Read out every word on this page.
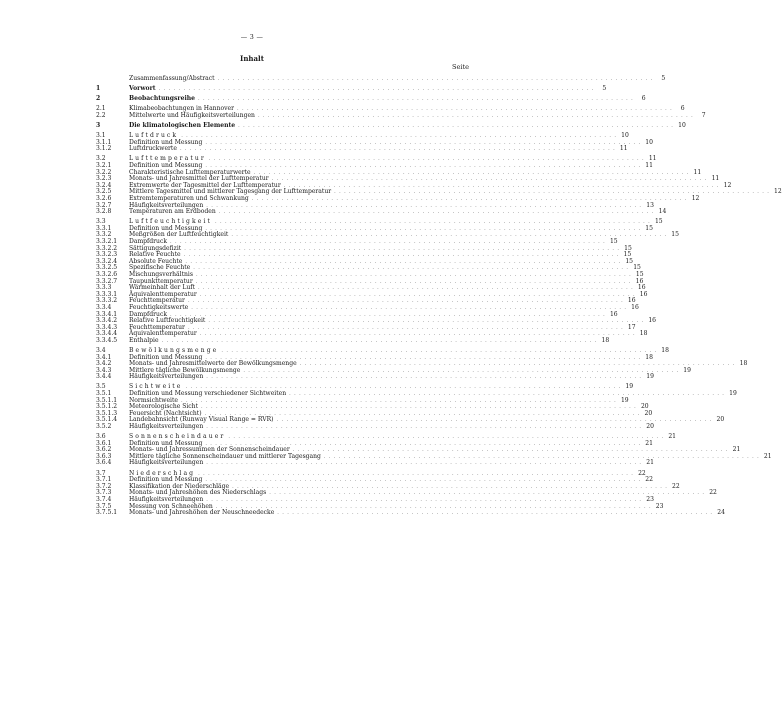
— 3 —
Inhalt
Seite
Zusammenfassung/Abstract . . . . . . . . . . . . . . . . . . . . . . . . . . . . . . . . . . . . . . . . . . . . . . . . . . . . . . . . . . . . . . . . . . . . . . . . . . . . . . . . . . . . . . . .	5
1	Vorwort . . . . . . . . . . . . . . . . . . . . . . . . . . . . . . . . . . . . . . . . . . . . . . . . . . . . . . . . . . . . . . . . . . . . . . . . . . . . . . . . . . . . . . . .	5
2	Beobachtungsreihe . . . . . . . . . . . . . . . . . . . . . . . . . . . . . . . . . . . . . . . . . . . . . . . . . . . . . . . . . . . . . . . . . . . . . . . . . . . . . . . . . . . . . . . .	6
2.1	Klimabeobachtungen in Hannover . . . . . . . . . . . . . . . . . . . . . . . . . . . . . . . . . . . . . . . . . . . . . . . . . . . . . . . . . . . . . . . . . . . . . . . . . . . . . . . . . . . . . . . .	6
2.2	Mittelwerte und Häufigkeitsverteilungen . . . . . . . . . . . . . . . . . . . . . . . . . . . . . . . . . . . . . . . . . . . . . . . . . . . . . . . . . . . . . . . . . . . . . . . . . . . . . . . . . . . . . . . .	7
3	Die klimatologischen Elemente . . . . . . . . . . . . . . . . . . . . . . . . . . . . . . . . . . . . . . . . . . . . . . . . . . . . . . . . . . . . . . . . . . . . . . . . . . . . . . . . . . . . . . . . 10
3.1	Luftdruck . . . . . . . . . . . . . . . . . . . . . . . . . . . . . . . . . . . . . . . . . . . . . . . . . . . . . . . . . . . . . . . . . . . . . . . . . . . . . . . . . . . . . . . . 10
3.1.1	Definition und Messung . . . . . . . . . . . . . . . . . . . . . . . . . . . . . . . . . . . . . . . . . . . . . . . . . . . . . . . . . . . . . . . . . . . . . . . . . . . . . . . . . . . . . . . . 10
3.1.2	Luftdruckwerte . . . . . . . . . . . . . . . . . . . . . . . . . . . . . . . . . . . . . . . . . . . . . . . . . . . . . . . . . . . . . . . . . . . . . . . . . . . . . . . . . . . . . . . . 11
3.2	Lufttemperatur . . . . . . . . . . . . . . . . . . . . . . . . . . . . . . . . . . . . . . . . . . . . . . . . . . . . . . . . . . . . . . . . . . . . . . . . . . . . . . . . . . . . . . . . 11
3.2.1	Definition und Messung . . . . . . . . . . . . . . . . . . . . . . . . . . . . . . . . . . . . . . . . . . . . . . . . . . . . . . . . . . . . . . . . . . . . . . . . . . . . . . . . . . . . . . . . 11
3.2.2	Charakteristische Lufttemperaturwerte . . . . . . . . . . . . . . . . . . . . . . . . . . . . . . . . . . . . . . . . . . . . . . . . . . . . . . . . . . . . . . . . . . . . . . . . . . . . . . . . . . . . . . . . 11
3.2.3	Monats- und Jahresmittel der Lufttemperatur . . . . . . . . . . . . . . . . . . . . . . . . . . . . . . . . . . . . . . . . . . . . . . . . . . . . . . . . . . . . . . . . . . . . . . . . . . . . . . . . . . . . . . . . 11
3.2.4	Extremwerte der Tagesmittel der Lufttemperatur . . . . . . . . . . . . . . . . . . . . . . . . . . . . . . . . . . . . . . . . . . . . . . . . . . . . . . . . . . . . . . . . . . . . . . . . . . . . . . . . . . . . . . . . 12
3.2.5	Mittlere Tagesmittel und mittlerer Tagesgang der Lufttemperatur . . . . . . . . . . . . . . . . . . . . . . . . . . . . . . . . . . . . . . . . . . . . . . . . . . . . . . . . . . . . . . . . . . . . . . . . . . . . . . . . . . . . . . . . 12
3.2.6	Extremtemperaturen und Schwankung . . . . . . . . . . . . . . . . . . . . . . . . . . . . . . . . . . . . . . . . . . . . . . . . . . . . . . . . . . . . . . . . . . . . . . . . . . . . . . . . . . . . . . . . 12
3.2.7	Häufigkeitsverteilungen . . . . . . . . . . . . . . . . . . . . . . . . . . . . . . . . . . . . . . . . . . . . . . . . . . . . . . . . . . . . . . . . . . . . . . . . . . . . . . . . . . . . . . . . 13
3.2.8	Temperaturen am Erdboden . . . . . . . . . . . . . . . . . . . . . . . . . . . . . . . . . . . . . . . . . . . . . . . . . . . . . . . . . . . . . . . . . . . . . . . . . . . . . . . . . . . . . . . . 14
3.3	Luftfeuchtigkeit . . . . . . . . . . . . . . . . . . . . . . . . . . . . . . . . . . . . . . . . . . . . . . . . . . . . . . . . . . . . . . . . . . . . . . . . . . . . . . . . . . . . . . . . 15
3.3.1	Definition und Messung . . . . . . . . . . . . . . . . . . . . . . . . . . . . . . . . . . . . . . . . . . . . . . . . . . . . . . . . . . . . . . . . . . . . . . . . . . . . . . . . . . . . . . . . 15
3.3.2	Meßgrößen der Luftfeuchtigkeit . . . . . . . . . . . . . . . . . . . . . . . . . . . . . . . . . . . . . . . . . . . . . . . . . . . . . . . . . . . . . . . . . . . . . . . . . . . . . . . . . . . . . . . . 15
3.3.2.1	Dampfdruck . . . . . . . . . . . . . . . . . . . . . . . . . . . . . . . . . . . . . . . . . . . . . . . . . . . . . . . . . . . . . . . . . . . . . . . . . . . . . . . . . . . . . . . . 15
3.3.2.2	Sättigungsdefizit . . . . . . . . . . . . . . . . . . . . . . . . . . . . . . . . . . . . . . . . . . . . . . . . . . . . . . . . . . . . . . . . . . . . . . . . . . . . . . . . . . . . . . . . 15
3.3.2.3	Relative Feuchte . . . . . . . . . . . . . . . . . . . . . . . . . . . . . . . . . . . . . . . . . . . . . . . . . . . . . . . . . . . . . . . . . . . . . . . . . . . . . . . . . . . . . . . . 15
3.3.2.4	Absolute Feuchte . . . . . . . . . . . . . . . . . . . . . . . . . . . . . . . . . . . . . . . . . . . . . . . . . . . . . . . . . . . . . . . . . . . . . . . . . . . . . . . . . . . . . . . . 15
3.3.2.5	Spezifische Feuchte . . . . . . . . . . . . . . . . . . . . . . . . . . . . . . . . . . . . . . . . . . . . . . . . . . . . . . . . . . . . . . . . . . . . . . . . . . . . . . . . . . . . . . . . 15
3.3.2.6	Mischungsverhältnis . . . . . . . . . . . . . . . . . . . . . . . . . . . . . . . . . . . . . . . . . . . . . . . . . . . . . . . . . . . . . . . . . . . . . . . . . . . . . . . . . . . . . . . . 15
3.3.2.7	Taupunkttemperatur . . . . . . . . . . . . . . . . . . . . . . . . . . . . . . . . . . . . . . . . . . . . . . . . . . . . . . . . . . . . . . . . . . . . . . . . . . . . . . . . . . . . . . . . 16
3.3.3	Wärmeinhalt der Luft . . . . . . . . . . . . . . . . . . . . . . . . . . . . . . . . . . . . . . . . . . . . . . . . . . . . . . . . . . . . . . . . . . . . . . . . . . . . . . . . . . . . . . . . 16
3.3.3.1	Äquivalenttemperatur . . . . . . . . . . . . . . . . . . . . . . . . . . . . . . . . . . . . . . . . . . . . . . . . . . . . . . . . . . . . . . . . . . . . . . . . . . . . . . . . . . . . . . . . 16
3.3.3.2	Feuchttemperatur . . . . . . . . . . . . . . . . . . . . . . . . . . . . . . . . . . . . . . . . . . . . . . . . . . . . . . . . . . . . . . . . . . . . . . . . . . . . . . . . . . . . . . . . 16
3.3.4	Feuchtigkeitswerte . . . . . . . . . . . . . . . . . . . . . . . . . . . . . . . . . . . . . . . . . . . . . . . . . . . . . . . . . . . . . . . . . . . . . . . . . . . . . . . . . . . . . . . . 16
3.3.4.1	Dampfdruck . . . . . . . . . . . . . . . . . . . . . . . . . . . . . . . . . . . . . . . . . . . . . . . . . . . . . . . . . . . . . . . . . . . . . . . . . . . . . . . . . . . . . . . . 16
3.3.4.2	Relative Luftfeuchtigkeit . . . . . . . . . . . . . . . . . . . . . . . . . . . . . . . . . . . . . . . . . . . . . . . . . . . . . . . . . . . . . . . . . . . . . . . . . . . . . . . . . . . . . . . . 16
3.3.4.3	Feuchttemperatur . . . . . . . . . . . . . . . . . . . . . . . . . . . . . . . . . . . . . . . . . . . . . . . . . . . . . . . . . . . . . . . . . . . . . . . . . . . . . . . . . . . . . . . . 17
3.3.4.4	Äquivalenttemperatur . . . . . . . . . . . . . . . . . . . . . . . . . . . . . . . . . . . . . . . . . . . . . . . . . . . . . . . . . . . . . . . . . . . . . . . . . . . . . . . . . . . . . . . . 18
3.3.4.5	Enthalpie . . . . . . . . . . . . . . . . . . . . . . . . . . . . . . . . . . . . . . . . . . . . . . . . . . . . . . . . . . . . . . . . . . . . . . . . . . . . . . . . . . . . . . . . 18
3.4	Bewölkungsmenge . . . . . . . . . . . . . . . . . . . . . . . . . . . . . . . . . . . . . . . . . . . . . . . . . . . . . . . . . . . . . . . . . . . . . . . . . . . . . . . . . . . . . . . . 18
3.4.1	Definition und Messung . . . . . . . . . . . . . . . . . . . . . . . . . . . . . . . . . . . . . . . . . . . . . . . . . . . . . . . . . . . . . . . . . . . . . . . . . . . . . . . . . . . . . . . . 18
3.4.2	Monats- und Jahresmittelwerte der Bewölkungsmenge . . . . . . . . . . . . . . . . . . . . . . . . . . . . . . . . . . . . . . . . . . . . . . . . . . . . . . . . . . . . . . . . . . . . . . . . . . . . . . . . . . . . . . . . 18
3.4.3	Mittlere tägliche Bewölkungsmenge . . . . . . . . . . . . . . . . . . . . . . . . . . . . . . . . . . . . . . . . . . . . . . . . . . . . . . . . . . . . . . . . . . . . . . . . . . . . . . . . . . . . . . . . 19
3.4.4	Häufigkeitsverteilungen . . . . . . . . . . . . . . . . . . . . . . . . . . . . . . . . . . . . . . . . . . . . . . . . . . . . . . . . . . . . . . . . . . . . . . . . . . . . . . . . . . . . . . . . 19
3.5	Sichtweite . . . . . . . . . . . . . . . . . . . . . . . . . . . . . . . . . . . . . . . . . . . . . . . . . . . . . . . . . . . . . . . . . . . . . . . . . . . . . . . . . . . . . . . . 19
3.5.1	Definition und Messung verschiedener Sichtweiten . . . . . . . . . . . . . . . . . . . . . . . . . . . . . . . . . . . . . . . . . . . . . . . . . . . . . . . . . . . . . . . . . . . . . . . . . . . . . . . . . . . . . . . . 19
3.5.1.1	Normsichtweite . . . . . . . . . . . . . . . . . . . . . . . . . . . . . . . . . . . . . . . . . . . . . . . . . . . . . . . . . . . . . . . . . . . . . . . . . . . . . . . . . . . . . . . . 19
3.5.1.2	Meteorologische Sicht . . . . . . . . . . . . . . . . . . . . . . . . . . . . . . . . . . . . . . . . . . . . . . . . . . . . . . . . . . . . . . . . . . . . . . . . . . . . . . . . . . . . . . . . 20
3.5.1.3	Feuersicht (Nachtsicht) . . . . . . . . . . . . . . . . . . . . . . . . . . . . . . . . . . . . . . . . . . . . . . . . . . . . . . . . . . . . . . . . . . . . . . . . . . . . . . . . . . . . . . . . 20
3.5.1.4	Landebahnsicht (Runway Visual Range = RVR) . . . . . . . . . . . . . . . . . . . . . . . . . . . . . . . . . . . . . . . . . . . . . . . . . . . . . . . . . . . . . . . . . . . . . . . . . . . . . . . . . . . . . . . . 20
3.5.2	Häufigkeitsverteilungen . . . . . . . . . . . . . . . . . . . . . . . . . . . . . . . . . . . . . . . . . . . . . . . . . . . . . . . . . . . . . . . . . . . . . . . . . . . . . . . . . . . . . . . . 20
3.6	Sonnenscheindauer . . . . . . . . . . . . . . . . . . . . . . . . . . . . . . . . . . . . . . . . . . . . . . . . . . . . . . . . . . . . . . . . . . . . . . . . . . . . . . . . . . . . . . . . 21
3.6.1	Definition und Messung . . . . . . . . . . . . . . . . . . . . . . . . . . . . . . . . . . . . . . . . . . . . . . . . . . . . . . . . . . . . . . . . . . . . . . . . . . . . . . . . . . . . . . . . 21
3.6.2	Monats- und Jahressummen der Sonnenscheindauer . . . . . . . . . . . . . . . . . . . . . . . . . . . . . . . . . . . . . . . . . . . . . . . . . . . . . . . . . . . . . . . . . . . . . . . . . . . . . . . . . . . . . . . . 21
3.6.3	Mittlere tägliche Sonnenscheindauer und mittlerer Tagesgang . . . . . . . . . . . . . . . . . . . . . . . . . . . . . . . . . . . . . . . . . . . . . . . . . . . . . . . . . . . . . . . . . . . . . . . . . . . . . . . . . . . . . . . . 21
3.6.4	Häufigkeitsverteilungen . . . . . . . . . . . . . . . . . . . . . . . . . . . . . . . . . . . . . . . . . . . . . . . . . . . . . . . . . . . . . . . . . . . . . . . . . . . . . . . . . . . . . . . . 21
3.7	Niederschlag . . . . . . . . . . . . . . . . . . . . . . . . . . . . . . . . . . . . . . . . . . . . . . . . . . . . . . . . . . . . . . . . . . . . . . . . . . . . . . . . . . . . . . . . 22
3.7.1	Definition und Messung . . . . . . . . . . . . . . . . . . . . . . . . . . . . . . . . . . . . . . . . . . . . . . . . . . . . . . . . . . . . . . . . . . . . . . . . . . . . . . . . . . . . . . . . 22
3.7.2	Klassifikation der Niederschläge . . . . . . . . . . . . . . . . . . . . . . . . . . . . . . . . . . . . . . . . . . . . . . . . . . . . . . . . . . . . . . . . . . . . . . . . . . . . . . . . . . . . . . . . 22
3.7.3	Monats- und Jahreshöhen des Niederschlags . . . . . . . . . . . . . . . . . . . . . . . . . . . . . . . . . . . . . . . . . . . . . . . . . . . . . . . . . . . . . . . . . . . . . . . . . . . . . . . . . . . . . . . . 22
3.7.4	Häufigkeitsverteilungen . . . . . . . . . . . . . . . . . . . . . . . . . . . . . . . . . . . . . . . . . . . . . . . . . . . . . . . . . . . . . . . . . . . . . . . . . . . . . . . . . . . . . . . . 23
3.7.5	Messung von Schneehöhen . . . . . . . . . . . . . . . . . . . . . . . . . . . . . . . . . . . . . . . . . . . . . . . . . . . . . . . . . . . . . . . . . . . . . . . . . . . . . . . . . . . . . . . . 23
3.7.5.1	Monats- und Jahreshöhen der Neuschneedecke . . . . . . . . . . . . . . . . . . . . . . . . . . . . . . . . . . . . . . . . . . . . . . . . . . . . . . . . . . . . . . . . . . . . . . . . . . . . . . . . . . . . . . . . 24
